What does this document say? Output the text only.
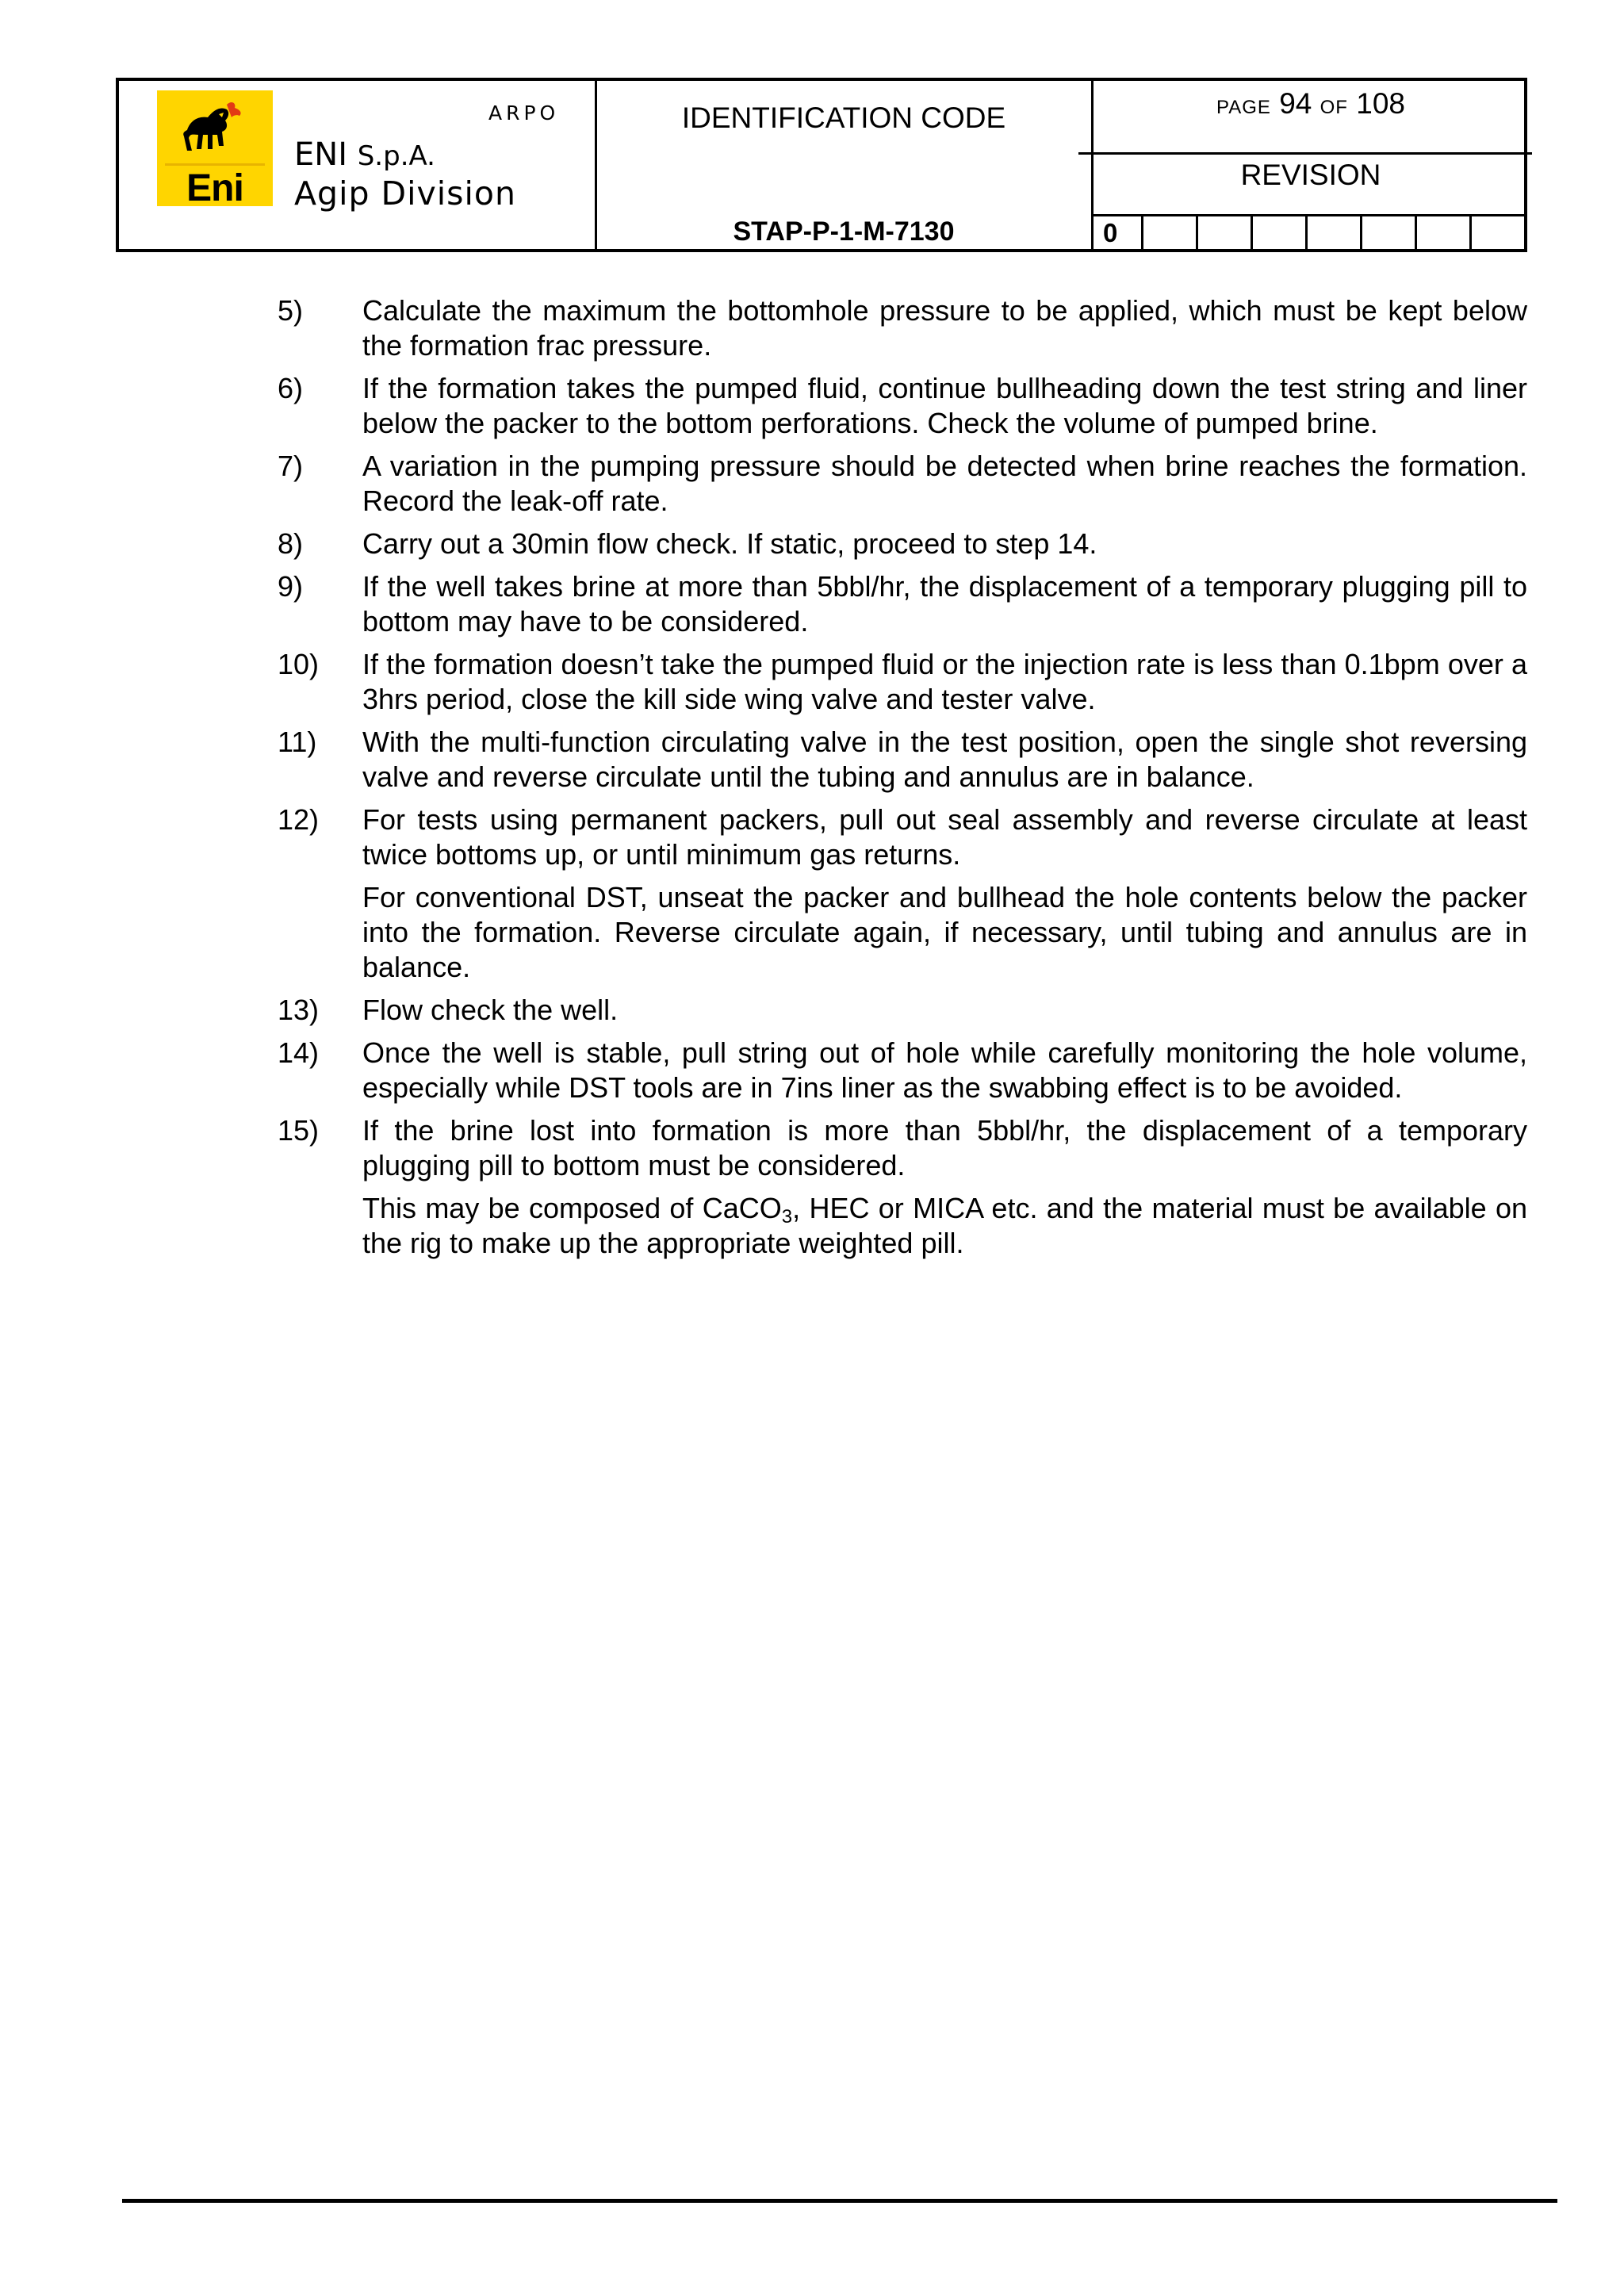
Eni
ARPO
ENI S.p.A.
Agip Division
IDENTIFICATION CODE
STAP-P-1-M-7130
PAGE 94 OF 108
REVISION
0
5)	Calculate the maximum the bottomhole pressure to be applied, which must be kept below the formation frac pressure.

6)	If the formation takes the pumped fluid, continue bullheading down the test string and liner below the packer to the bottom perforations. Check the volume of pumped brine.

7)	A variation in the pumping pressure should be detected when brine reaches the formation. Record the leak-off rate.

8)	Carry out a 30min flow check. If static, proceed to step 14.

9)	If the well takes brine at more than 5bbl/hr, the displacement of a temporary plugging pill to bottom may have to be considered.

10)	If the formation doesn’t take the pumped fluid or the injection rate is less than 0.1bpm over a 3hrs period, close the kill side wing valve and tester valve.

11)	With the multi-function circulating valve in the test position, open the single shot reversing valve and reverse circulate until the tubing and annulus are in balance.

12)	For tests using permanent packers, pull out seal assembly and reverse circulate at least twice bottoms up, or until minimum gas returns.

For conventional DST, unseat the packer and bullhead the hole contents below the packer into the formation. Reverse circulate again, if necessary, until tubing and annulus are in balance.

13)	Flow check the well.

14)	Once the well is stable, pull string out of hole while carefully monitoring the hole volume, especially while DST tools are in 7ins liner as the swabbing effect is to be avoided.

15)	If the brine lost into formation is more than 5bbl/hr, the displacement of a temporary plugging pill to bottom must be considered.

This may be composed of CaCO$_3$, HEC or MICA etc. and the material must be available on the rig to make up the appropriate weighted pill.
